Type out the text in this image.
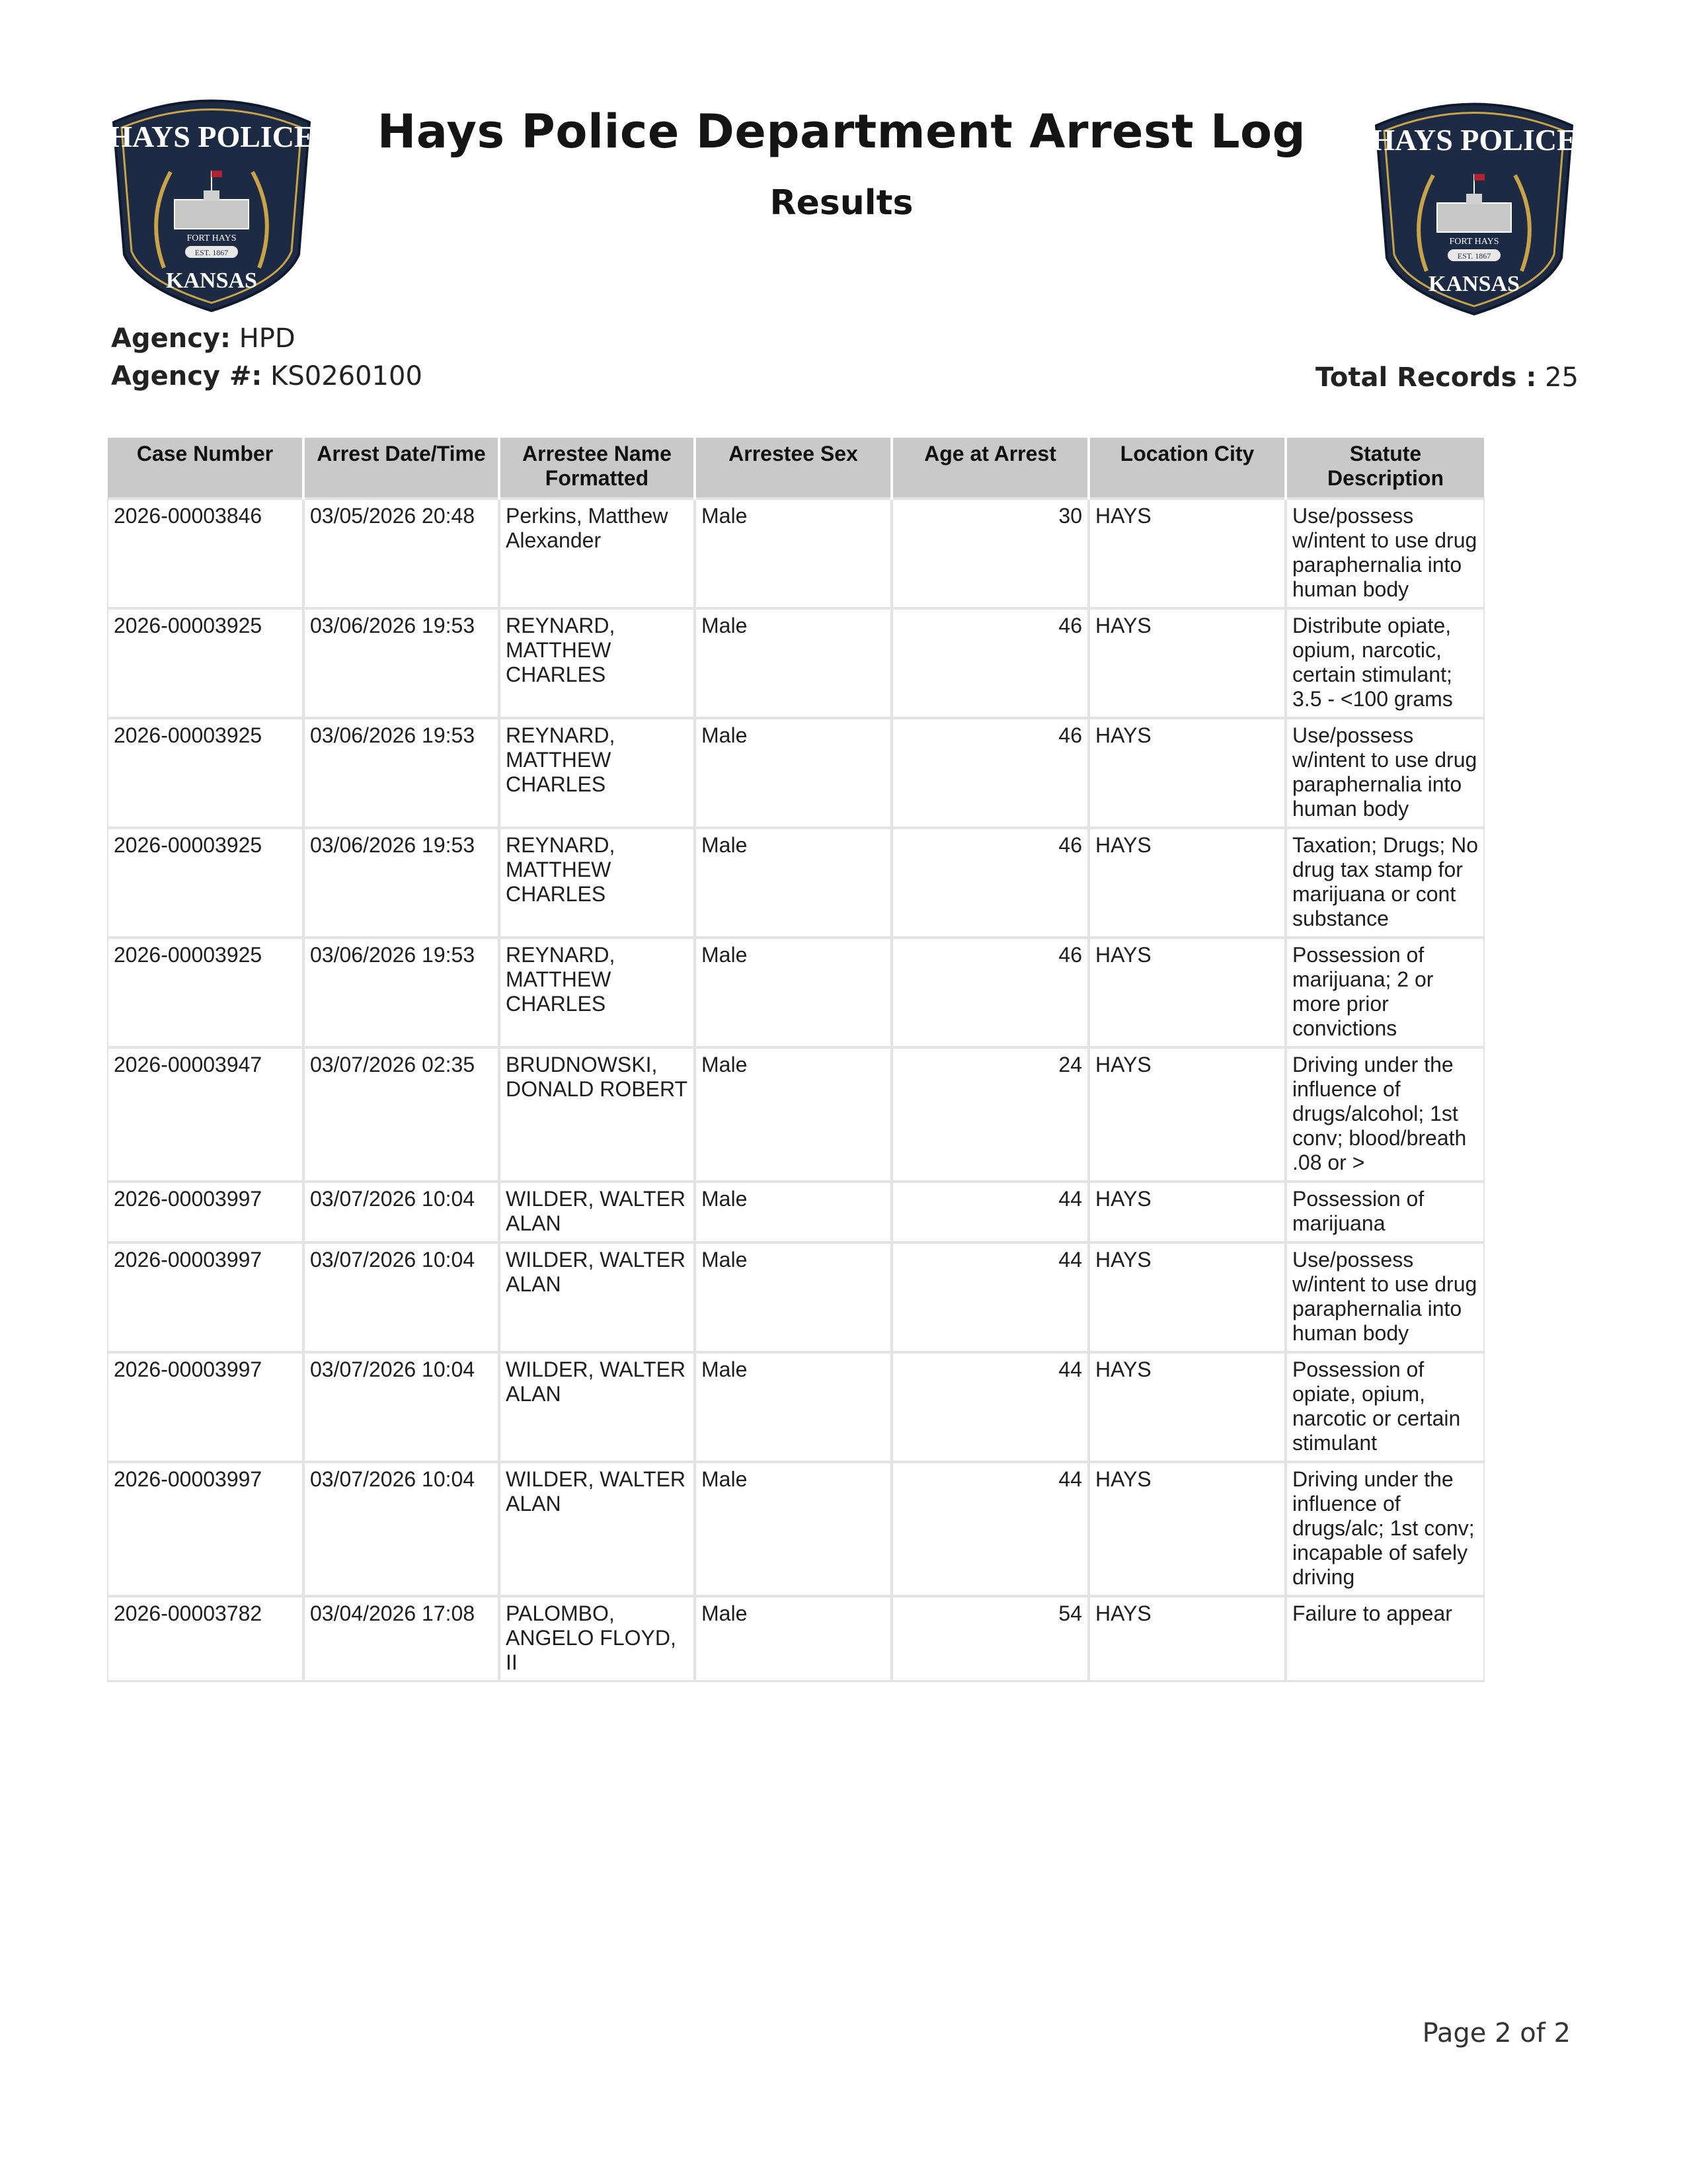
HAYS POLICE
FORT HAYS
EST. 1867
KANSAS
HAYS POLICE
FORT HAYS
EST. 1867
KANSAS
Hays Police Department Arrest Log
Results
Agency: HPD
Agency #: KS0260100	Total Records : 25
Case Number	Arrest Date/Time	Arrestee Name Formatted	Arrestee Sex	Age at Arrest	Location City	Statute Description
2026-00003846	03/05/2026 20:48	Perkins, Matthew Alexander	Male	30	HAYS	Use/possess w/intent to use drug paraphernalia into human body
2026-00003925	03/06/2026 19:53	REYNARD, MATTHEW CHARLES	Male	46	HAYS	Distribute opiate, opium, narcotic, certain stimulant; 3.5 - <100 grams
2026-00003925	03/06/2026 19:53	REYNARD, MATTHEW CHARLES	Male	46	HAYS	Use/possess w/intent to use drug paraphernalia into human body
2026-00003925	03/06/2026 19:53	REYNARD, MATTHEW CHARLES	Male	46	HAYS	Taxation; Drugs; No drug tax stamp for marijuana or cont substance
2026-00003925	03/06/2026 19:53	REYNARD, MATTHEW CHARLES	Male	46	HAYS	Possession of marijuana; 2 or more prior convictions
2026-00003947	03/07/2026 02:35	BRUDNOWSKI, DONALD ROBERT	Male	24	HAYS	Driving under the influence of drugs/alcohol; 1st conv; blood/breath .08 or >
2026-00003997	03/07/2026 10:04	WILDER, WALTER ALAN	Male	44	HAYS	Possession of marijuana
2026-00003997	03/07/2026 10:04	WILDER, WALTER ALAN	Male	44	HAYS	Use/possess w/intent to use drug paraphernalia into human body
2026-00003997	03/07/2026 10:04	WILDER, WALTER ALAN	Male	44	HAYS	Possession of opiate, opium, narcotic or certain stimulant
2026-00003997	03/07/2026 10:04	WILDER, WALTER ALAN	Male	44	HAYS	Driving under the influence of drugs/alc; 1st conv; incapable of safely driving
2026-00003782	03/04/2026 17:08	PALOMBO, ANGELO FLOYD, II	Male	54	HAYS	Failure to appear
Page 2 of 2
